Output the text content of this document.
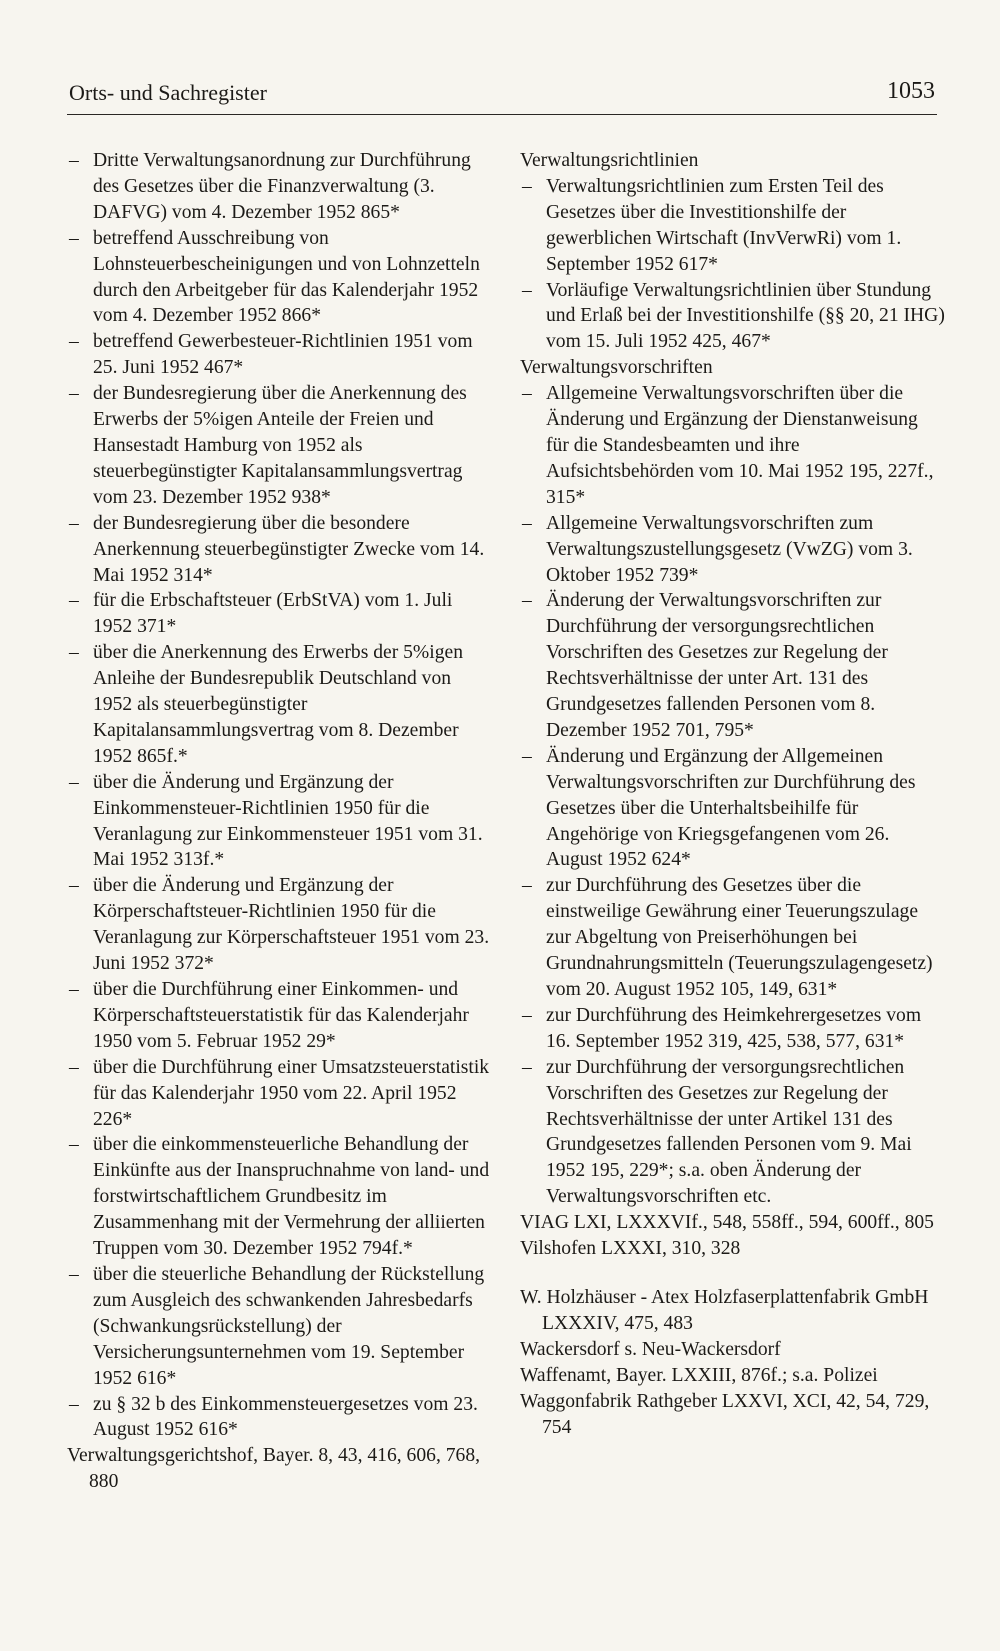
Orts- und Sachregister	1053

– Dritte Verwaltungsanordnung zur Durchführung des Gesetzes über die Finanzverwaltung (3. DAFVG) vom 4. Dezember 1952 865*

– betreffend Ausschreibung von Lohnsteuerbescheinigungen und von Lohnzetteln durch den Arbeitgeber für das Kalenderjahr 1952 vom 4. Dezember 1952 866*

– betreffend Gewerbesteuer-Richtlinien 1951 vom 25. Juni 1952 467*

– der Bundesregierung über die Anerkennung des Erwerbs der 5%igen Anteile der Freien und Hansestadt Hamburg von 1952 als steuerbegünstigter Kapitalansammlungsvertrag vom 23. Dezember 1952 938*

– der Bundesregierung über die besondere Anerkennung steuerbegünstigter Zwecke vom 14. Mai 1952 314*

– für die Erbschaftsteuer (ErbStVA) vom 1. Juli 1952 371*

– über die Anerkennung des Erwerbs der 5%igen Anleihe der Bundesrepublik Deutschland von 1952 als steuerbegünstigter Kapitalansammlungsvertrag vom 8. Dezember 1952 865f.*

– über die Änderung und Ergänzung der Einkommensteuer-Richtlinien 1950 für die Veranlagung zur Einkommensteuer 1951 vom 31. Mai 1952 313f.*

– über die Änderung und Ergänzung der Körperschaftsteuer-Richtlinien 1950 für die Veranlagung zur Körperschaftsteuer 1951 vom 23. Juni 1952 372*

– über die Durchführung einer Einkommen- und Körperschaftsteuerstatistik für das Kalenderjahr 1950 vom 5. Februar 1952 29*

– über die Durchführung einer Umsatzsteuerstatistik für das Kalenderjahr 1950 vom 22. April 1952 226*

– über die einkommensteuerliche Behandlung der Einkünfte aus der Inanspruchnahme von land- und forstwirtschaftlichem Grundbesitz im Zusammenhang mit der Vermehrung der alliierten Truppen vom 30. Dezember 1952 794f.*

– über die steuerliche Behandlung der Rückstellung zum Ausgleich des schwankenden Jahresbedarfs (Schwankungsrückstellung) der Versicherungsunternehmen vom 19. September 1952 616*

– zu § 32 b des Einkommensteuergesetzes vom 23. August 1952 616*

Verwaltungsgerichtshof, Bayer. 8, 43, 416, 606, 768, 880

Verwaltungsrichtlinien

– Verwaltungsrichtlinien zum Ersten Teil des Gesetzes über die Investitionshilfe der gewerblichen Wirtschaft (InvVerwRi) vom 1. September 1952 617*

– Vorläufige Verwaltungsrichtlinien über Stundung und Erlaß bei der Investitionshilfe (§§ 20, 21 IHG) vom 15. Juli 1952 425, 467*

Verwaltungsvorschriften

– Allgemeine Verwaltungsvorschriften über die Änderung und Ergänzung der Dienstanweisung für die Standesbeamten und ihre Aufsichtsbehörden vom 10. Mai 1952 195, 227f., 315*

– Allgemeine Verwaltungsvorschriften zum Verwaltungszustellungsgesetz (VwZG) vom 3. Oktober 1952 739*

– Änderung der Verwaltungsvorschriften zur Durchführung der versorgungsrechtlichen Vorschriften des Gesetzes zur Regelung der Rechtsverhältnisse der unter Art. 131 des Grundgesetzes fallenden Personen vom 8. Dezember 1952 701, 795*

– Änderung und Ergänzung der Allgemeinen Verwaltungsvorschriften zur Durchführung des Gesetzes über die Unterhaltsbeihilfe für Angehörige von Kriegsgefangenen vom 26. August 1952 624*

– zur Durchführung des Gesetzes über die einstweilige Gewährung einer Teuerungszulage zur Abgeltung von Preiserhöhungen bei Grundnahrungsmitteln (Teuerungszulagengesetz) vom 20. August 1952 105, 149, 631*

– zur Durchführung des Heimkehrergesetzes vom 16. September 1952 319, 425, 538, 577, 631*

– zur Durchführung der versorgungsrechtlichen Vorschriften des Gesetzes zur Regelung der Rechtsverhältnisse der unter Artikel 131 des Grundgesetzes fallenden Personen vom 9. Mai 1952 195, 229*; s.a. oben Änderung der Verwaltungsvorschriften etc.

VIAG LXI, LXXXVIf., 548, 558ff., 594, 600ff., 805

Vilshofen LXXXI, 310, 328

W. Holzhäuser - Atex Holzfaserplattenfabrik GmbH LXXXIV, 475, 483

Wackersdorf s. Neu-Wackersdorf

Waffenamt, Bayer. LXXIII, 876f.; s.a. Polizei

Waggonfabrik Rathgeber LXXVI, XCI, 42, 54, 729, 754
